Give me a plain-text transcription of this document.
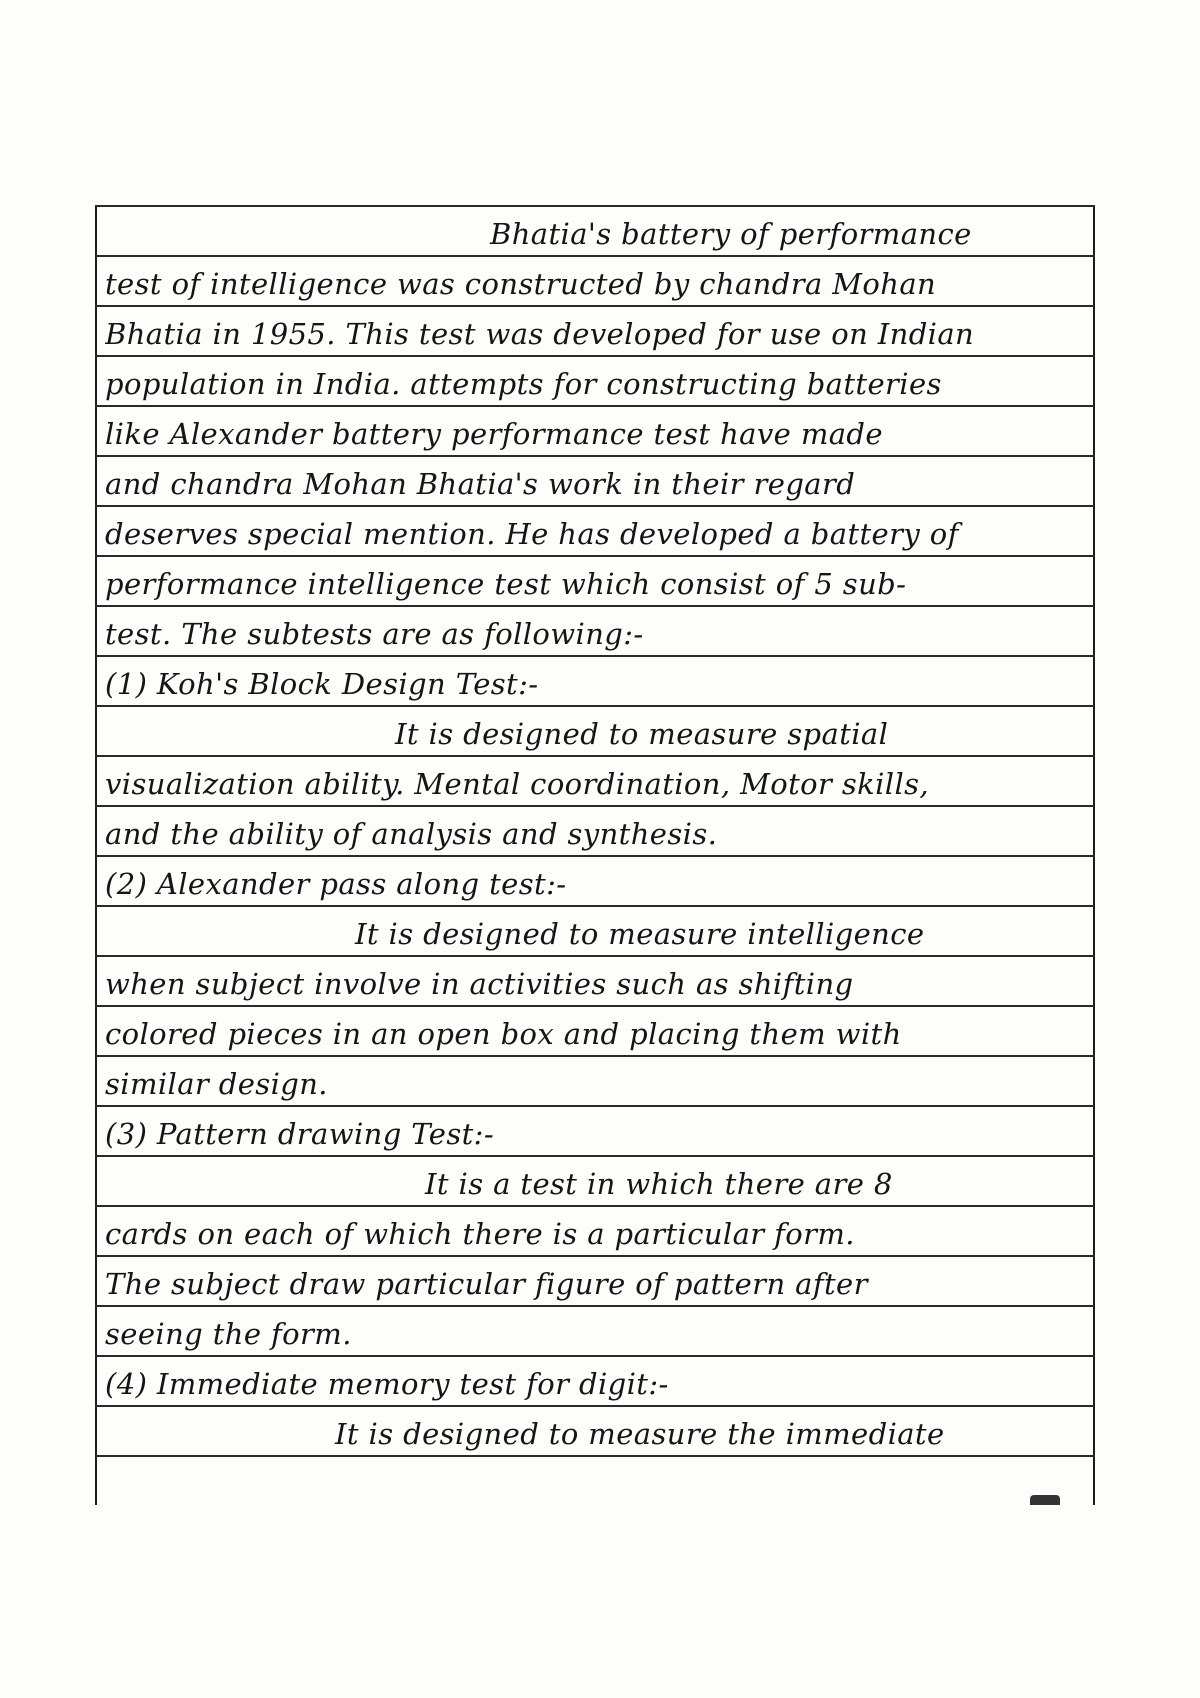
Bhatia's battery of performance
test of intelligence was constructed by chandra Mohan
Bhatia in 1955. This test was developed for use on Indian
population in India. attempts for constructing batteries
like Alexander battery performance test have made
and chandra Mohan Bhatia's work in their regard
deserves special mention. He has developed a battery of
performance intelligence test which consist of 5 sub-
test. The subtests are as following:-
(1) Koh's Block Design Test:-
It is designed to measure spatial
visualization ability. Mental coordination, Motor skills,
and the ability of analysis and synthesis.
(2) Alexander pass along test:-
It is designed to measure intelligence
when subject involve in activities such as shifting
colored pieces in an open box and placing them with
similar design.
(3) Pattern drawing Test:-
It is a test in which there are 8
cards on each of which there is a particular form.
The subject draw particular figure of pattern after
seeing the form.
(4) Immediate memory test for digit:-
It is designed to measure the immediate
